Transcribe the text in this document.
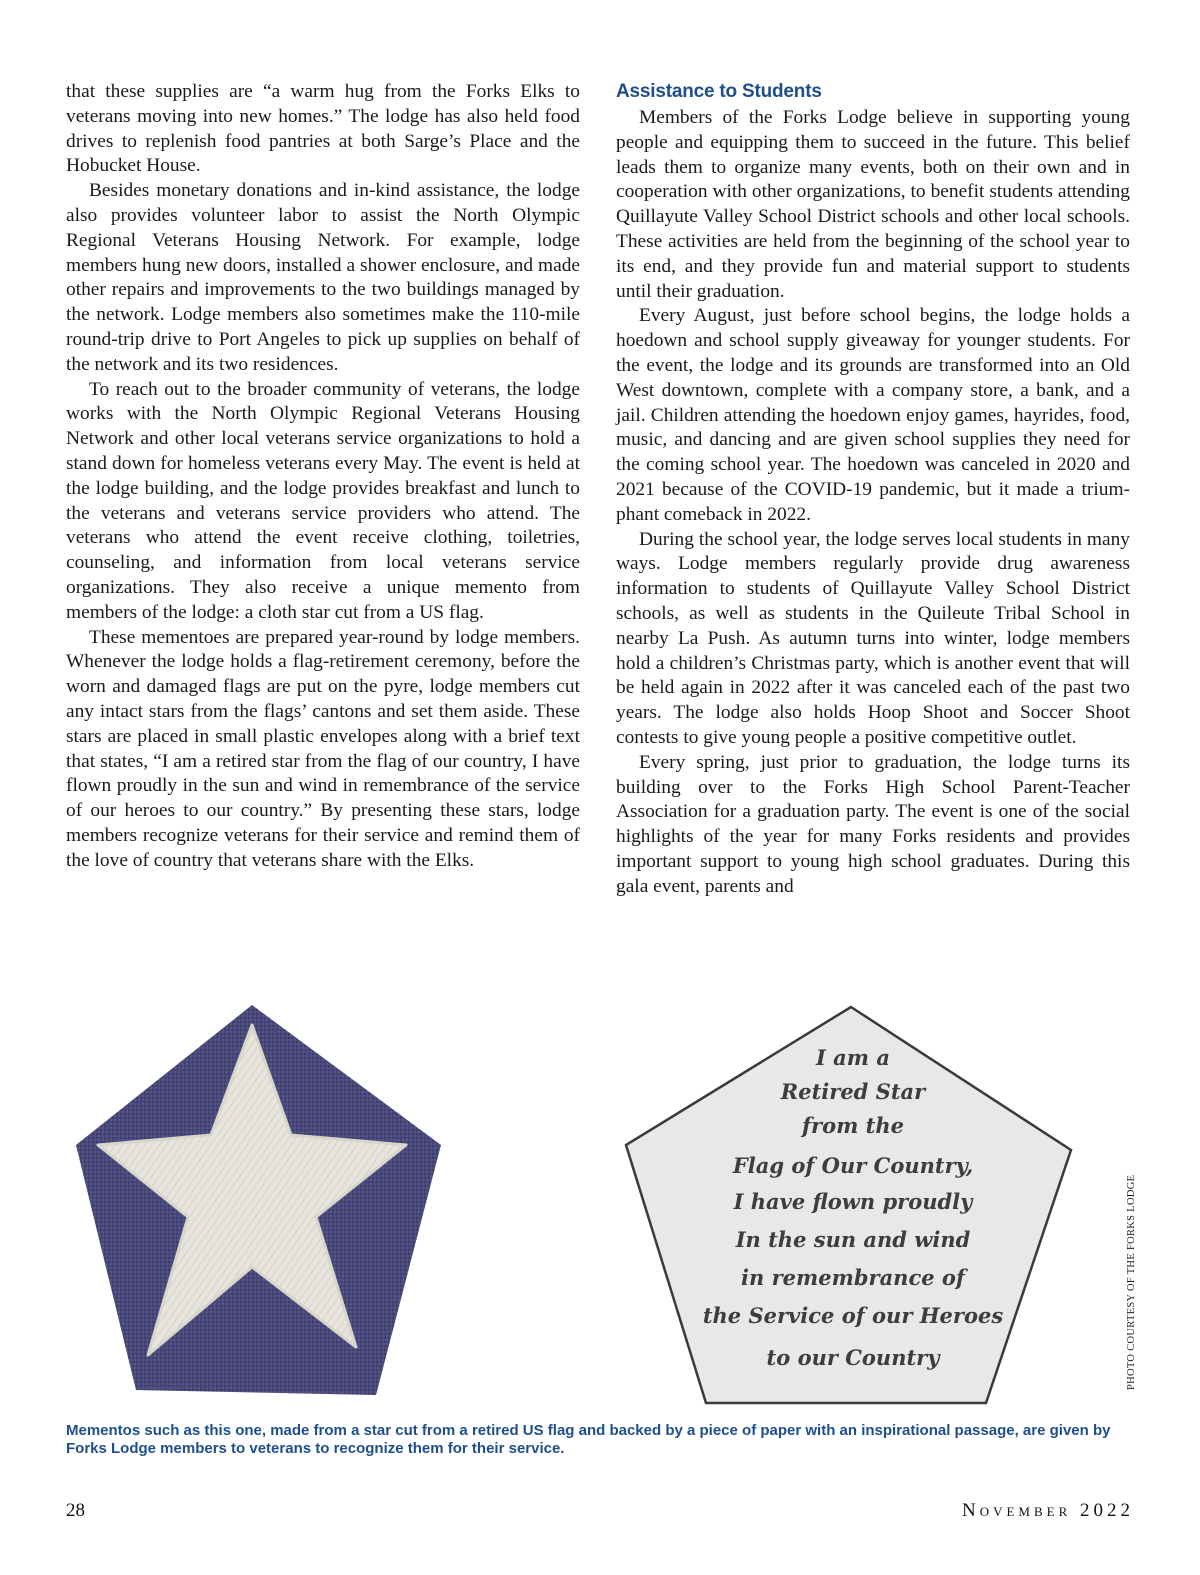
that these supplies are “a warm hug from the Forks Elks to veterans moving into new homes.” The lodge has also held food drives to replenish food pantries at both Sarge’s Place and the Hobucket House.

Besides monetary donations and in-kind assistance, the lodge also provides volunteer labor to assist the North Olympic Regional Veterans Housing Network. For example, lodge members hung new doors, installed a shower enclosure, and made other repairs and improvements to the two buildings managed by the network. Lodge members also sometimes make the 110-mile round-trip drive to Port Angeles to pick up supplies on behalf of the network and its two residences.

To reach out to the broader community of veterans, the lodge works with the North Olympic Regional Veterans Housing Network and other local veterans service organizations to hold a stand down for homeless veterans every May. The event is held at the lodge building, and the lodge provides breakfast and lunch to the veterans and veterans service providers who attend. The veterans who attend the event receive clothing, toiletries, counseling, and information from local veterans service organizations. They also receive a unique memento from members of the lodge: a cloth star cut from a US flag.

These mementoes are prepared year-round by lodge members. Whenever the lodge holds a flag-retirement ceremony, before the worn and damaged flags are put on the pyre, lodge members cut any intact stars from the flags’ cantons and set them aside. These stars are placed in small plastic envelopes along with a brief text that states, “I am a retired star from the flag of our country, I have flown proudly in the sun and wind in remembrance of the service of our heroes to our country.” By presenting these stars, lodge members recognize veterans for their service and remind them of the love of country that veterans share with the Elks.

Assistance to Students

Members of the Forks Lodge believe in supporting young people and equipping them to succeed in the future. This belief leads them to organize many events, both on their own and in cooperation with other organizations, to benefit students attending Quillayute Valley School District schools and other local schools. These activities are held from the beginning of the school year to its end, and they provide fun and material support to students until their graduation.

Every August, just before school begins, the lodge holds a hoedown and school supply giveaway for younger students. For the event, the lodge and its grounds are transformed into an Old West downtown, complete with a company store, a bank, and a jail. Children attending the hoedown enjoy games, hayrides, food, music, and dancing and are given school supplies they need for the coming school year. The hoedown was canceled in 2020 and 2021 because of the COVID-19 pandemic, but it made a triumphant comeback in 2022.

During the school year, the lodge serves local students in many ways. Lodge members regularly provide drug awareness information to students of Quillayute Valley School District schools, as well as students in the Quileute Tribal School in nearby La Push. As autumn turns into winter, lodge members hold a children’s Christmas party, which is another event that will be held again in 2022 after it was canceled each of the past two years. The lodge also holds Hoop Shoot and Soccer Shoot contests to give young people a positive competitive outlet.

Every spring, just prior to graduation, the lodge turns its building over to the Forks High School Parent-Teacher Association for a graduation party. The event is one of the social highlights of the year for many Forks residents and provides important support to young high school graduates. During this gala event, parents and

I am a
Retired Star
from the
Flag of Our Country,
I have flown proudly
In the sun and wind
in remembrance of
the Service of our Heroes
to our Country	PHOTO COURTESY OF THE FORKS LODGE
Mementos such as this one, made from a star cut from a retired US flag and backed by a piece of paper with an inspirational passage, are given by Forks Lodge members to veterans to recognize them for their service.
28	November 2022
